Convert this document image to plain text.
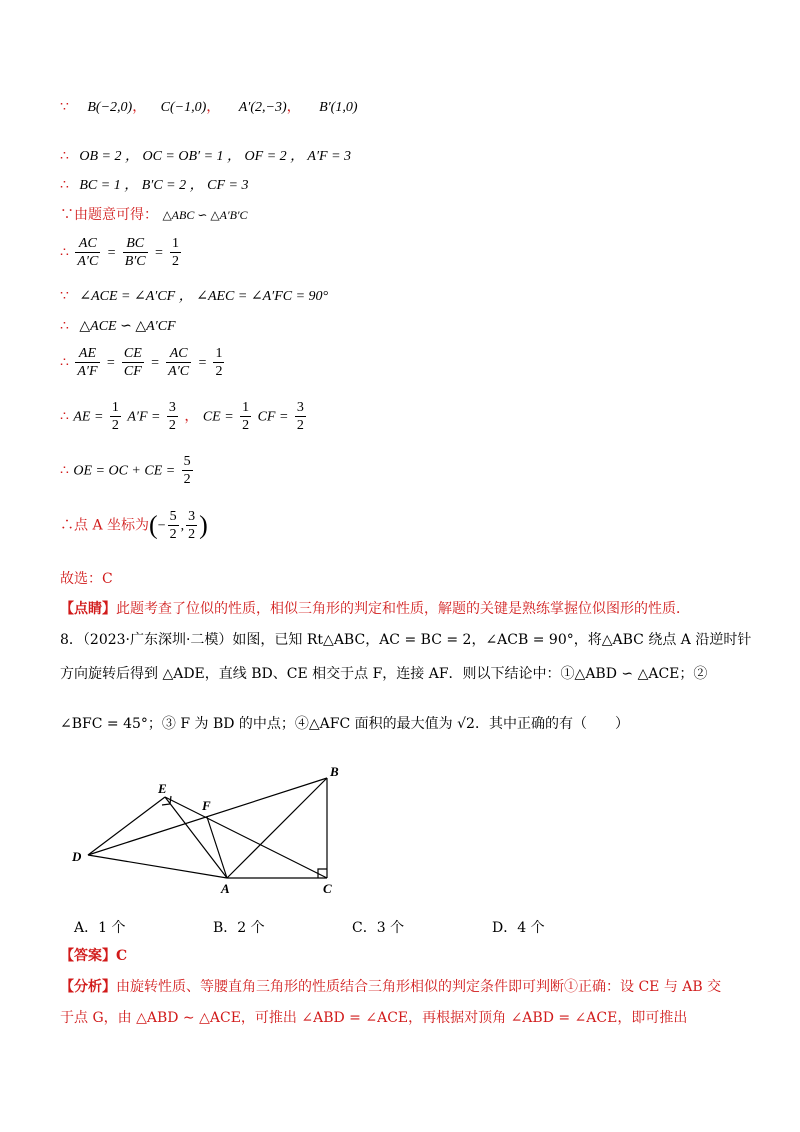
∵ B(−2,0)， C(−1,0)， A′(2,−3)， B′(1,0)
∴ OB = 2 ， OC = OB′ = 1 ， OF = 2 ， A′F = 3
∴ BC = 1 ， B′C = 2 ， CF = 3
∵由题意可得： △ABC ∽ △A′B′C
∴ $\frac{AC}{A'C} = \frac{BC}{B'C} = \frac{1}{2}$
∵ ∠ACE = ∠A′CF ， ∠AEC = ∠A′FC = 90°
∴ △ACE ∽ △A′CF
∴ $\frac{AE}{A'F} = \frac{CE}{CF} = \frac{AC}{A'C} = \frac{1}{2}$
∴ AE = $\frac{1}{2} A'F = \frac{3}{2}$ ， CE = $\frac{1}{2}$ CF = $\frac{3}{2}$
∴ OE = OC + CE = $\frac{5}{2}$
∴点 A 坐标为(− $\frac{5}{2}$ , $\frac{3}{2}$ )
故选：C
【点睛】此题考查了位似的性质，相似三角形的判定和性质，解题的关键是熟练掌握位似图形的性质．
8．（2023·广东深圳·二模）如图，已知 Rt△ABC，AC = BC = 2，∠ACB = 90°，将△ABC 绕点 A 沿逆时针
方向旋转后得到 △ADE，直线 BD、CE 相交于点 F，连接 AF．则以下结论中：①△ABD ∽ △ACE；②
∠BFC = 45°；③ F 为 BD 的中点；④△AFC 面积的最大值为 √2．其中正确的有（　　）
B
E
F
D
A	C
A．1 个	B．2 个	C．3 个	D．4 个
【答案】C
【分析】由旋转性质、等腰直角三角形的性质结合三角形相似的判定条件即可判断①正确：设 CE 与 AB 交
于点 G，由 △ABD ∼ △ACE，可推出 ∠ABD = ∠ACE，再根据对顶角 ∠ABD = ∠ACE，即可推出
